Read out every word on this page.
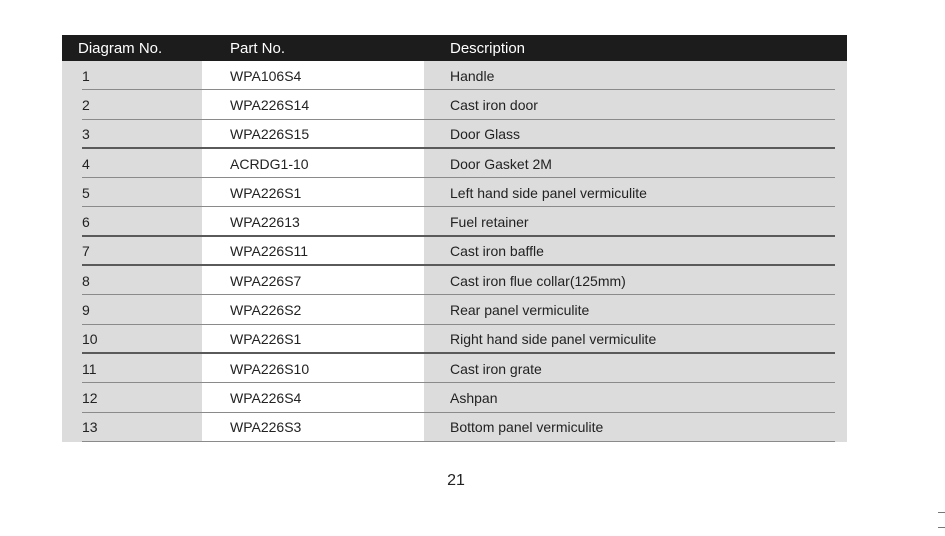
Diagram No.	Part No.	Description
1	WPA106S4	Handle
2	WPA226S14	Cast iron door
3	WPA226S15	Door Glass
4	ACRDG1-10	Door Gasket 2M
5	WPA226S1	Left hand side panel vermiculite
6	WPA22613	Fuel retainer
7	WPA226S11	Cast iron baffle
8	WPA226S7	Cast iron flue collar(125mm)
9	WPA226S2	Rear panel vermiculite
10	WPA226S1	Right hand side panel vermiculite
11	WPA226S10	Cast iron grate
12	WPA226S4	Ashpan
13	WPA226S3	Bottom panel vermiculite
21
